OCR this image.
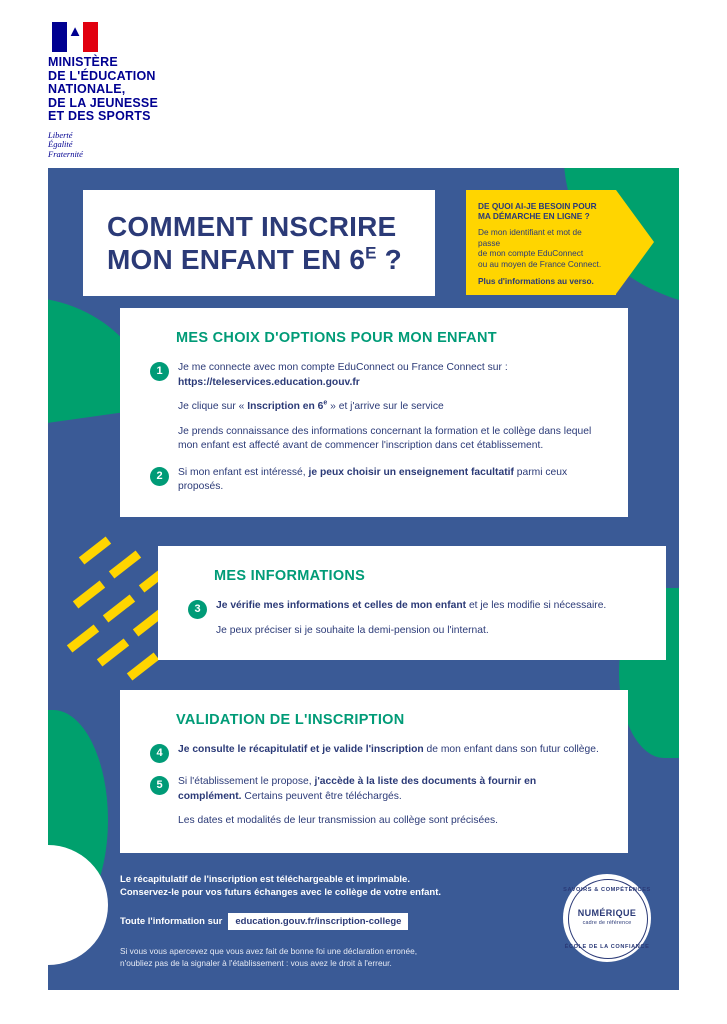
▲
MINISTÈRE
DE L'ÉDUCATION
NATIONALE,
DE LA JEUNESSE
ET DES SPORTS
Liberté
Égalité
Fraternité
COMMENT INSCRIRE
MON ENFANT EN $6^E$ ?
DE QUOI AI-JE BESOIN POUR
MA DÉMARCHE EN LIGNE ?
De mon identifiant et mot de passe
de mon compte EduConnect
ou au moyen de France Connect.
Plus d'informations au verso.
MES CHOIX D'OPTIONS POUR MON ENFANT
1	Je me connecte avec mon compte EduConnect ou France Connect sur :
https://teleservices.education.gouv.fr

Je clique sur « Inscription en 6e » et j'arrive sur le service

Je prends connaissance des informations concernant la formation et le collège dans lequel mon enfant est affecté avant de commencer l'inscription dans cet établissement.

2	Si mon enfant est intéressé, je peux choisir un enseignement facultatif parmi ceux proposés.

MES INFORMATIONS
3	Je vérifie mes informations et celles de mon enfant et je les modifie si nécessaire.

Je peux préciser si je souhaite la demi-pension ou l'internat.

VALIDATION DE L'INSCRIPTION
4	Je consulte le récapitulatif et je valide l'inscription de mon enfant dans son futur collège.

5	Si l'établissement le propose, j'accède à la liste des documents à fournir en complément. Certains peuvent être téléchargés.

Les dates et modalités de leur transmission au collège sont précisées.

Le récapitulatif de l'inscription est téléchargeable et imprimable.
Conservez-le pour vos futurs échanges avec le collège de votre enfant.
Toute l'information sur	education.gouv.fr/inscription-college
Si vous vous apercevez que vous avez fait de bonne foi une déclaration erronée,
n'oubliez pas de la signaler à l'établissement : vous avez le droit à l'erreur.
SAVOIRS & COMPÉTENCES
NUMÉRIQUE
cadre de référence
ÉCOLE DE LA CONFIANCE
